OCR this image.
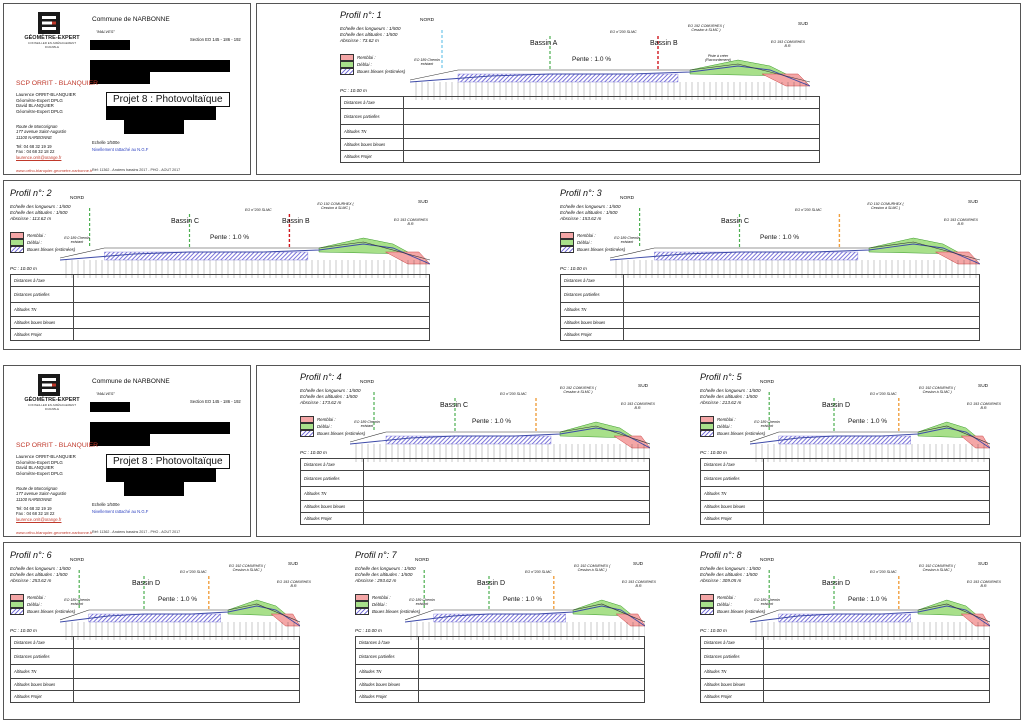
GÉOMÈTRE-EXPERT
CONSEILLER EN AMÉNAGEMENT DURABLE
Commune de NARBONNE
"MALVES"
Section EO 145 - 186 - 192
SCP ORRIT - BLANQUIER
Laurence ORRIT-BLANQUIER
Géomètre-Expert DPLG
David BLANQUIER
Géomètre-Expert DPLG
Route de Marcorignan
177 avenue Saint-Augustin
11100 NARBONNE
Tel: 04 68 32 19 19
Fax : 04 68 32 18 22
laurence.orrit@orange.fr
Projet 8 : Photovoltaïque
Echelle 1/500e
Nivellement rattaché au N.G.F
Réf: 11362 - Anciens bassins 2017 - PHO - AOUT 2017
www.ortho-blanquier-geometre-narbonne.fr
GÉOMÈTRE-EXPERT
CONSEILLER EN AMÉNAGEMENT DURABLE
Commune de NARBONNE
"MALVES"
Section EO 145 - 186 - 192
SCP ORRIT - BLANQUIER
Laurence ORRIT-BLANQUIER
Géomètre-Expert DPLG
David BLANQUIER
Géomètre-Expert DPLG
Route de Marcorignan
177 avenue Saint-Augustin
11100 NARBONNE
Tel: 04 68 32 19 19
Fax : 04 68 32 18 22
laurence.orrit@orange.fr
Projet 8 : Photovoltaïque
Echelle 1/500e
Nivellement rattaché au N.G.F
Réf: 11362 - Anciens bassins 2017 - PHO - AOUT 2017
www.ortho-blanquier-geometre-narbonne.fr
Profil n°: 1
Echelle des longueurs : 1/500
Echelle des altitudes : 1/500
Abscisse : 73.62 m
Remblai :
Déblai :
Boues bleues (estimées)
PC : 10.00 m
NORD
SUD
Bassin A	Bassin B
Pente : 1.0 %
EO n°200 SLMC
EO 192 COMURHEX ( Cession à SLMC )
EO 193 COMURHEX B.R.
EO 189 Chemin existant
Piste à créer (Raccordement)
Distances à l'axe	
Distances partielles	
Altitudes TN	
Altitudes boues bleues	
Altitudes Projet	
Profil n°: 2
Echelle des longueurs : 1/500
Echelle des altitudes : 1/500
Abscisse : 113.62 m
Remblai :
Déblai :
Boues bleues (estimées)
PC : 10.00 m
NORD
SUD
Bassin C	Bassin B
Pente : 1.0 %
EO n°200 SLMC
EO 192 COMURHEX ( Cession à SLMC )
EO 193 COMURHEX B.R.
EO 189 Chemin existant
Distances à l'axe	
Distances partielles	
Altitudes TN	
Altitudes boues bleues	
Altitudes Projet	
Profil n°: 3
Echelle des longueurs : 1/500
Echelle des altitudes : 1/500
Abscisse : 153.62 m
Remblai :
Déblai :
Boues bleues (estimées)
PC : 10.00 m
NORD
SUD
Bassin C
Pente : 1.0 %
EO n°200 SLMC
EO 192 COMURHEX ( Cession à SLMC )
EO 193 COMURHEX B.R.
EO 189 Chemin existant
Distances à l'axe	
Distances partielles	
Altitudes TN	
Altitudes boues bleues	
Altitudes Projet	
Profil n°: 4
Echelle des longueurs : 1/500
Echelle des altitudes : 1/500
Abscisse : 173.62 m
Remblai :
Déblai :
Boues bleues (estimées)
PC : 10.00 m
NORD
SUD
Bassin C
Pente : 1.0 %
EO n°200 SLMC
EO 192 COMURHEX ( Cession à SLMC )
EO 193 COMURHEX B.R.
EO 189 Chemin existant
Distances à l'axe	
Distances partielles	
Altitudes TN	
Altitudes boues bleues	
Altitudes Projet	
Profil n°: 5
Echelle des longueurs : 1/500
Echelle des altitudes : 1/500
Abscisse : 213.62 m
Remblai :
Déblai :
Boues bleues (estimées)
PC : 10.00 m
NORD
SUD
Bassin D
Pente : 1.0 %
EO n°200 SLMC
EO 192 COMURHEX ( Cession à SLMC )
EO 193 COMURHEX B.R.
EO 189 Chemin existant
Distances à l'axe	
Distances partielles	
Altitudes TN	
Altitudes boues bleues	
Altitudes Projet	
Profil n°: 6
Echelle des longueurs : 1/500
Echelle des altitudes : 1/500
Abscisse : 253.62 m
Remblai :
Déblai :
Boues bleues (estimées)
PC : 10.00 m
NORD
SUD
Bassin D
Pente : 1.0 %
EO n°200 SLMC
EO 192 COMURHEX ( Cession à SLMC )
EO 193 COMURHEX B.R.
EO 189 Chemin existant
Distances à l'axe	
Distances partielles	
Altitudes TN	
Altitudes boues bleues	
Altitudes Projet	
Profil n°: 7
Echelle des longueurs : 1/500
Echelle des altitudes : 1/500
Abscisse : 293.62 m
Remblai :
Déblai :
Boues bleues (estimées)
PC : 10.00 m
NORD
SUD
Bassin D
Pente : 1.0 %
EO n°200 SLMC
EO 192 COMURHEX ( Cession à SLMC )
EO 193 COMURHEX B.R.
EO 189 Chemin existant
Distances à l'axe	
Distances partielles	
Altitudes TN	
Altitudes boues bleues	
Altitudes Projet	
Profil n°: 8
Echelle des longueurs : 1/500
Echelle des altitudes : 1/500
Abscisse : 309.05 m
Remblai :
Déblai :
Boues bleues (estimées)
PC : 10.00 m
NORD
SUD
Bassin D
Pente : 1.0 %
EO n°200 SLMC
EO 192 COMURHEX ( Cession à SLMC )
EO 193 COMURHEX B.R.
EO 189 Chemin existant
Distances à l'axe	
Distances partielles	
Altitudes TN	
Altitudes boues bleues	
Altitudes Projet	
